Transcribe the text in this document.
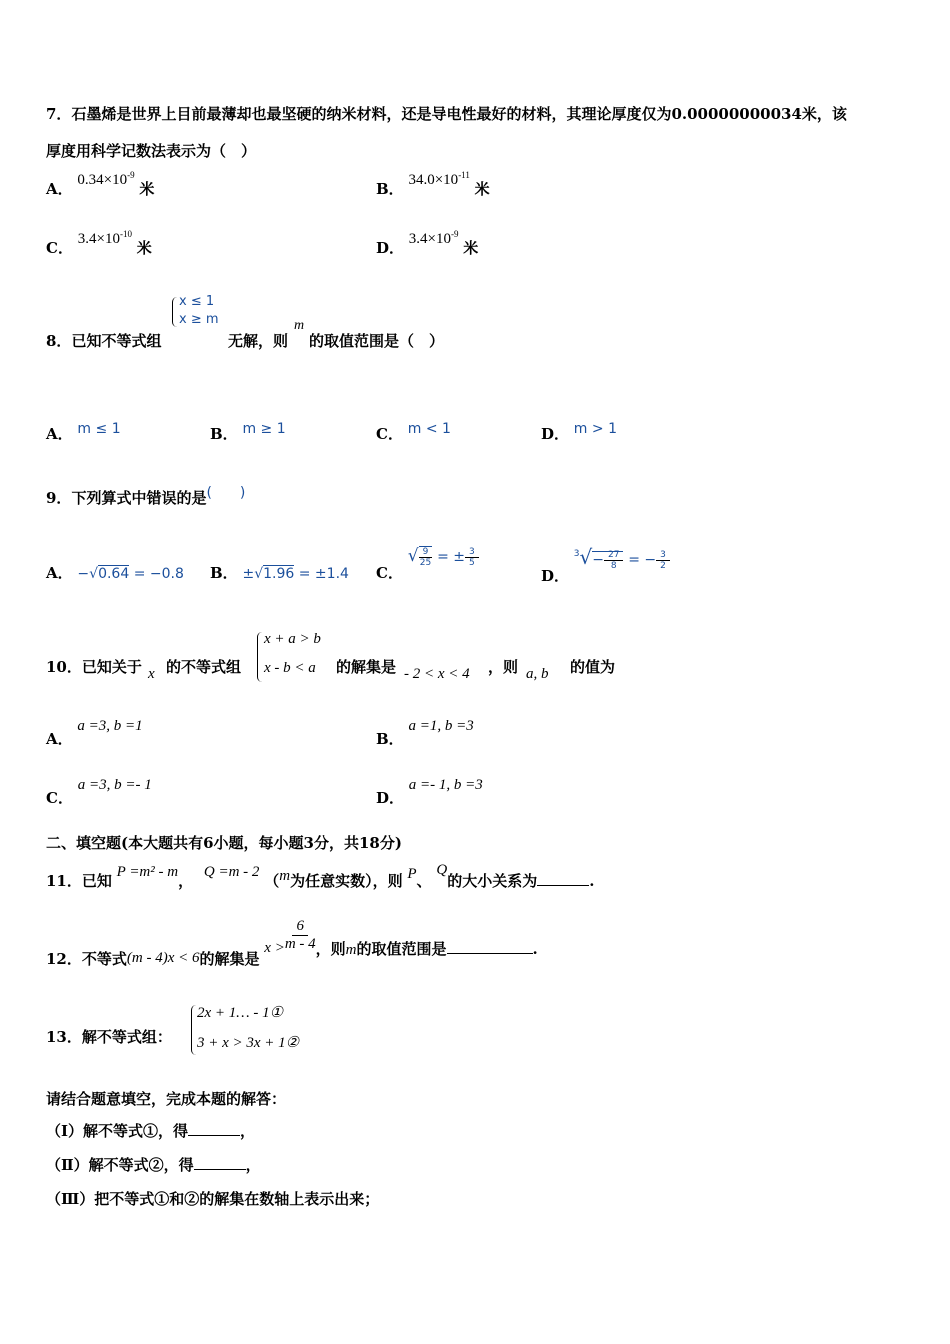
7．石墨烯是世界上目前最薄却也最坚硬的纳米材料，还是导电性最好的材料，其理论厚度仅为0.00000000034米，该
厚度用科学记数法表示为（　）
A． $0.34\times 10^{-9}$ 米	B． $34.0\times 10^{-11}$ 米
C． $3.4\times 10^{-10}$ 米	D． $3.4\times 10^{-9}$ 米
8．已知不等式组
x ≤ 1
x ≥ m
无解，则
m
的取值范围是（　）
A． m ≤ 1	B． m ≥ 1	C． m < 1	D． m > 1
9．下列算式中错误的是(　　)
A． −√0.64 = −0.8 B． ±√1.96 = ±1.4 C． √ $\frac{9}{25}$ = ± $\frac{3}{5}$
D． $^3√- \frac{27}{8}$ = − $\frac{3}{2}$
10．已知关于 x 的不等式组
x + a > b
x - b < a 的解集是 - 2 < x < 4 ，则 a, b 的值为
A． a =3, b =1
B． a =1, b =3
C． a =3, b =- 1
D． a =- 1, b =3
二、填空题(本大题共有6小题，每小题3分，共18分)
11．已知 P =m² - m， Q =m - 2 （m为任意实数），则 P、 Q的大小关系为	.
12．不等式(m - 4)x < 6的解集是 $x > \frac{6}{m - 4}$ ，则m的取值范围是	.
13．解不等式组：
2x + 1… - 1①
3 + x > 3x + 1②
请结合题意填空，完成本题的解答：
（Ⅰ）解不等式①，得	，
（Ⅱ）解不等式②，得	，
（Ⅲ）把不等式①和②的解集在数轴上表示出来；
